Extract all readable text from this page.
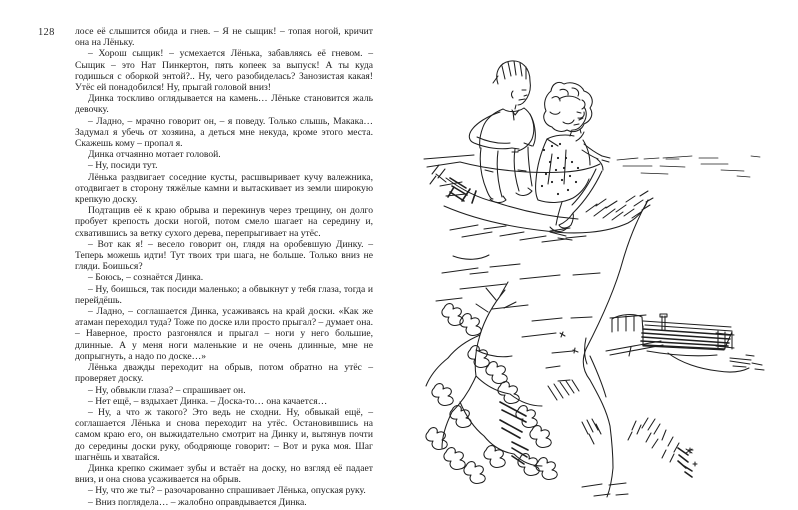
128 лосе её слышится обида и гнев. – Я не сыщик! – топая ногой, кричит она на Лёньку.

– Хорош сыщик! – усмехается Лёнька, забавляясь её гневом. – Сыщик – это Нат Пинкертон, пять копеек за выпуск! А ты куда годишься с оборкой энтой?.. Ну, чего разобиделась? Занозистая какая! Утёс ей понадобился! Ну, прыгай головой вниз!

Динка тоскливо оглядывается на камень… Лёньке становится жаль девочку.

– Ладно, – мрачно говорит он, – я поведу. Только слышь, Макака… Задумал я убечь от хозяина, а деться мне некуда, кроме этого места. Скажешь кому – пропал я.

Динка отчаянно мотает головой.

– Ну, посиди тут.

Лёнька раздвигает соседние кусты, расшвыривает кучу валежника, отодвигает в сторону тяжёлые камни и вытаскивает из земли широкую крепкую доску.

Подтащив её к краю обрыва и перекинув через трещину, он долго пробует крепость доски ногой, потом смело шагает на середину и, схватившись за ветку сухого дерева, перепрыгивает на утёс.

– Вот как я! – весело говорит он, глядя на оробевшую Динку. – Теперь можешь идти! Тут твоих три шага, не больше. Только вниз не гляди. Боишься?

– Боюсь, – сознаётся Динка.

– Ну, боишься, так посиди маленько; а обвыкнут у тебя глаза, тогда и перейдёшь.

– Ладно, – соглашается Динка, усаживаясь на край доски. «Как же атаман переходил туда? Тоже по доске или просто прыгал? – думает она. – Наверное, просто разгонялся и прыгал – ноги у него большие, длинные. А у меня ноги маленькие и не очень длинные, мне не допрыгнуть, а надо по доске…»

Лёнька дважды переходит на обрыв, потом обратно на утёс – проверяет доску.

– Ну, обвыкли глаза? – спрашивает он.

– Нет ещё, – вздыхает Динка. – Доска-то… она качается…

– Ну, а что ж такого? Это ведь не сходни. Ну, обвыкай ещё, – соглашается Лёнька и снова переходит на утёс. Остановившись на самом краю его, он выжидательно смотрит на Динку и, вытянув почти до середины доски руку, ободряюще говорит: – Вот и рука моя. Шаг шагнёшь и хватайся.

Динка крепко сжимает зубы и встаёт на доску, но взгляд её падает вниз, и она снова усаживается на обрыв.

– Ну, что же ты? – разочарованно спрашивает Лёнька, опуская руку.

– Вниз поглядела… – жалобно оправдывается Динка.
